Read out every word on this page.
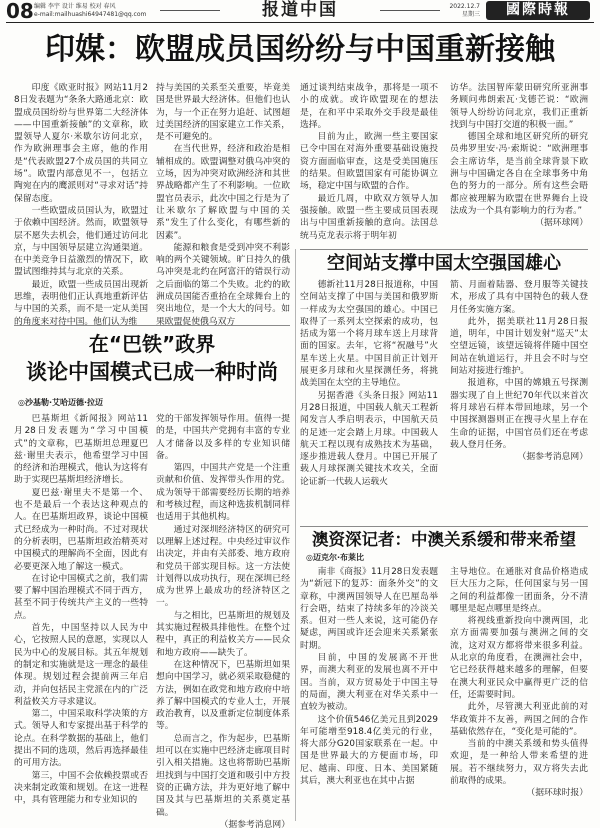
08 编辑 李宇 设计 维易 校对 春风
e-mail:mailhuashi64947481@qq.com	报道中国	2022.12.7
星期三	國際時報
印媒：欧盟成员国纷纷与中国重新接触

印度《欧亚时报》网站11月28日发表题为“条条大路通北京：欧盟成员国纷纷与世界第二大经济体——中国重新接触”的文章称，欧盟领导人夏尔·米歇尔访问北京，作为欧洲理事会主席，他的作用是“代表欧盟27个成员国的共同立场”。欧盟内部意见不一，包括立陶宛在内的鹰派则对“寻求对话”持保留态度。

一些欧盟成员国认为，欧盟过于依赖中国经济。然而，欧盟领导层不愿失去机会，他们通过访问北京，与中国领导层建立沟通渠道。在中美竞争日益激烈的情况下，欧盟试图维持其与北京的关系。

最近，欧盟一些成员国出现新思维，表明他们正认真地重新评估与中国的关系，而不是一定从美国的角度来对待中国。他们认为维

持与美国的关系至关重要，毕竟美国是世界最大经济体。但他们也认为，与一个正在努力追赶、试图超过美国经济的国家建立工作关系，是不可避免的。

在当代世界，经济和政治是相辅相成的。欧盟调整对俄乌冲突的立场，因为冲突对欧洲经济和其世界战略都产生了不利影响。一位欧盟官员表示，此次中国之行是为了让米歇尔了解欧盟与中国的关系“发生了什么变化，有哪些新的因素”。

能源和粮食是受到冲突不利影响的两个关键领域。旷日持久的俄乌冲突是北约在阿富汗的错误行动之后面临的第二个失败。北约的欧洲成员国能否重拾在全球舞台上的突出地位，是一个大大的问号。如果欧盟促使俄乌双方

通过谈判结束战争，那将是一项不小的成就。或许欧盟现在的想法是，在和平中采取外交手段是最佳选择。

目前为止，欧洲一些主要国家已令中国在对海外重要基础设施投资方面面临审查，这是受美国施压的结果。但欧盟国家有可能协调立场，稳定中国与欧盟的合作。

最近几周，中欧双方领导人加强接触。欧盟一些主要成员国表现出与中国重新接触的意向。法国总统马克龙表示将于明年初

访华。法国智库蒙田研究所亚洲事务顾问弗朗索瓦·戈德芒说：“欧洲领导人纷纷访问北京，我们正重新找到与中国打交道的积极一面。”

德国全球和地区研究所的研究员弗罗里安·冯·索斯说：“欧洲理事会主席访华，是当前全球背景下欧洲与中国确定各自在全球事务中角色的努力的一部分。所有这些会晤都应被理解为欧盟在世界舞台上设法成为一个具有影响力的行为者。”

（据环球网）

空间站支撑中国太空强国雄心

德新社11月28日报道称，中国空间站支撑了中国与美国和俄罗斯一样成为太空强国的雄心。中国已取得了一系列太空探索的成功，包括成为第一个将月球车送上月球背面的国家。去年，它将“祝融号”火星车送上火星。中国目前正计划开展更多月球和火星探测任务，将挑战美国在太空的主导地位。

另据香港《头条日报》网站11月28日报道，中国载人航天工程新闻发言人季启明表示，中国航天员的足迹一定会踏上月球。中国载人航天工程以现有成熟技术为基础，逐步推进载人登月。中国已开展了载人月球探测关键技术攻关，全面论证新一代载人运载火

箭、月面着陆器、登月服等关键技术，形成了具有中国特色的载人登月任务实施方案。

此外，据美联社11月28日报道，明年，中国计划发射“巡天”太空望远镜，该望远镜将伴随中国空间站在轨道运行，并且会不时与空间站对接进行维护。

报道称，中国的嫦娥五号探测器实现了自上世纪70年代以来首次将月球岩石样本带回地球，另一个中国探测器则正在搜寻火星上存在生命的证据，中国官员们还在考虑载人登月任务。

（据参考消息网）

在“巴铁”政界
谈论中国模式已成一种时尚
◎沙基勒·艾哈迈德·拉迈

巴基斯坦《新闻报》网站11月28日发表题为“学习中国模式”的文章称，巴基斯坦总理夏巴兹·谢里夫表示，他希望学习中国的经济和治理模式，他认为这将有助于实现巴基斯坦经济增长。

夏巴兹·谢里夫不是第一个、也不是最后一个表达这种观点的人。在巴基斯坦政界，谈论中国模式已经成为一种时尚。不过对现状的分析表明，巴基斯坦政治精英对中国模式的理解尚不全面，因此有必要更深入地了解这一模式。

在讨论中国模式之前，我们需要了解中国治理模式不同于西方，甚至不同于传统共产主义的一些特点。

首先，中国坚持以人民为中心，它按照人民的意愿，实现以人民为中心的发展目标。其五年规划的制定和实施就是这一理念的最佳体现。规划过程会提前两三年启动，并向包括民主党派在内的广泛利益攸关方寻求建议。

第二，中国采取科学决策的方式。领导人和专家提出基于科学的论点。在科学数据的基础上，他们提出不同的选项，然后再选择最佳的可用方法。

第三，中国不会依赖投票或否决来制定政策和规划。在这一进程中，具有管理能力和专业知识的

党的干部发挥领导作用。值得一提的是，中国共产党拥有丰富的专业人才储备以及多样的专业知识储备。

第四，中国共产党是一个注重贡献和价值、发挥带头作用的党。成为领导干部需要经历长期的培养和考核过程，而这种选拔机制同样也适用于其他机构。

通过对深圳经济特区的研究可以理解上述过程。中央经过审议作出决定，并由有关部委、地方政府和党员干部实现目标。这一方法使计划得以成功执行，现在深圳已经成为世界上最成功的经济特区之一。

与之相比，巴基斯坦的规划及其实施过程极具排他性。在整个过程中，真正的利益攸关方——民众和地方政府——缺失了。

在这种情况下，巴基斯坦如果想向中国学习，就必须采取稳健的方法，例如在政党和地方政府中培养了解中国模式的专业人士，开展政治教育，以及重新定位制度体系等。

总而言之，作为起步，巴基斯坦可以在实施中巴经济走廊项目时引入相关措施。这也将帮助巴基斯坦找到与中国打交道和吸引中方投资的正确方法，并为更好地了解中国及其与巴基斯坦的关系奠定基础。

（据参考消息网）

澳资深记者：中澳关系缓和带来希望
◎迈克尔·布莱比

南非《商报》11月28日发表题为“新冠下的复苏：面条外交”的文章称，中澳两国领导人在巴厘岛举行会晤，结束了持续多年的冷淡关系。但对一些人来说，这可能仍存疑虑，两国或许还会迎来关系紧张时期。

目前，中国的发展离不开世界，而澳大利亚的发展也离不开中国。当前，双方贸易处于中国主导的局面，澳大利亚在对华关系中一直较为被动。

这个价值546亿美元且到2029年可能增至918.4亿美元的行业，将大部分G20国家联系在一起。中国是世界最大的方便面市场，印尼、越南、印度、日本、美国紧随其后，澳大利亚也在其中占据

主导地位。在通胀对食品价格造成巨大压力之际，任何国家与另一国之间的利益都像一团面条，分不清哪里是起点哪里是终点。

将视线重新投向中澳两国，北京方面需要加强与澳洲之间的交流，这对双方都将带来很多利益。从北京的角度看，在澳洲社会中，它已经获得越来越多的理解，但要在澳大利亚民众中赢得更广泛的信任，还需要时间。

此外，尽管澳大利亚此前的对华政策并不友善，两国之间的合作基础依然存在，“变化是可能的”。

当前的中澳关系缓和势头值得欢迎，是一种给人带来希望的进展。若不继续努力，双方将失去此前取得的成果。

（据环球时报）
